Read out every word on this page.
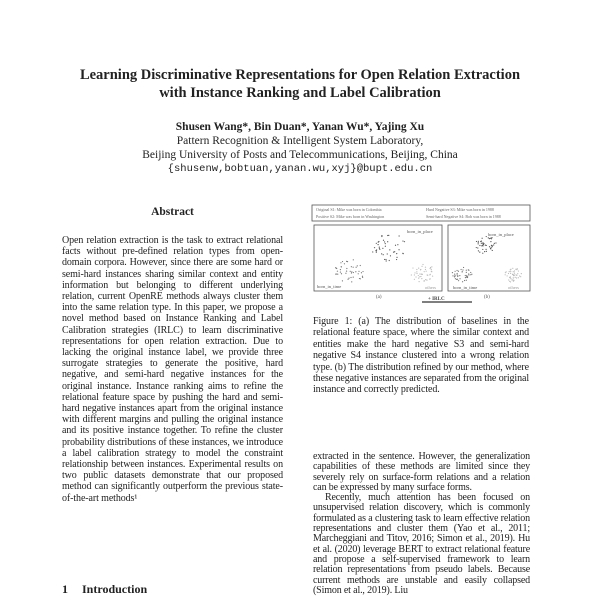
Learning Discriminative Representations for Open Relation Extraction
with Instance Ranking and Label Calibration
Shusen Wang*, Bin Duan*, Yanan Wu*, Yajing Xu
Pattern Recognition & Intelligent System Laboratory,
Beijing University of Posts and Telecommunications, Beijing, China
{shusenw,bobtuan,yanan.wu,xyj}@bupt.edu.cn
Abstract
Open relation extraction is the task to extract relational facts without pre-defined relation types from open-domain corpora. However, since there are some hard or semi-hard instances sharing similar context and entity information but belonging to different underlying relation, current OpenRE methods always cluster them into the same relation type. In this paper, we propose a novel method based on Instance Ranking and Label Calibration strategies (IRLC) to learn discriminative representations for open relation extraction. Due to lacking the original instance label, we provide three surrogate strategies to generate the positive, hard negative, and semi-hard negative instances for the original instance. Instance ranking aims to refine the relational feature space by pushing the hard and semi-hard negative instances apart from the original instance with different margins and pulling the original instance and its positive instance together. To refine the cluster probability distributions of these instances, we introduce a label calibration strategy to model the constraint relationship between instances. Experimental results on two public datasets demonstrate that our proposed method can significantly outperform the previous state-of-the-art methods¹
1 Introduction
Original S1: Mike was born in Colombia
Positive S2: Mike was born in Washington
Hard Negative S3: Mike was born in 1988
Semi-hard Negative S4: Bob was born in 1988
born_in_place
born_in_time	others
born_in_place
born_in_time	others
(a)	(b)
+ IRLC
Figure 1: (a) The distribution of baselines in the relational feature space, where the similar context and entities make the hard negative S3 and semi-hard negative S4 instance clustered into a wrong relation type. (b) The distribution refined by our method, where these negative instances are separated from the original instance and correctly predicted.

extracted in the sentence. However, the generalization capabilities of these methods are limited since they severely rely on surface-form relations and a relation can be expressed by many surface forms.

Recently, much attention has been focused on unsupervised relation discovery, which is commonly formulated as a clustering task to learn effective relation representations and cluster them (Yao et al., 2011; Marcheggiani and Titov, 2016; Simon et al., 2019). Hu et al. (2020) leverage BERT to extract relational feature and propose a self-supervised framework to learn relation representations from pseudo labels. Because current methods are unstable and easily collapsed (Simon et al., 2019). Liu
